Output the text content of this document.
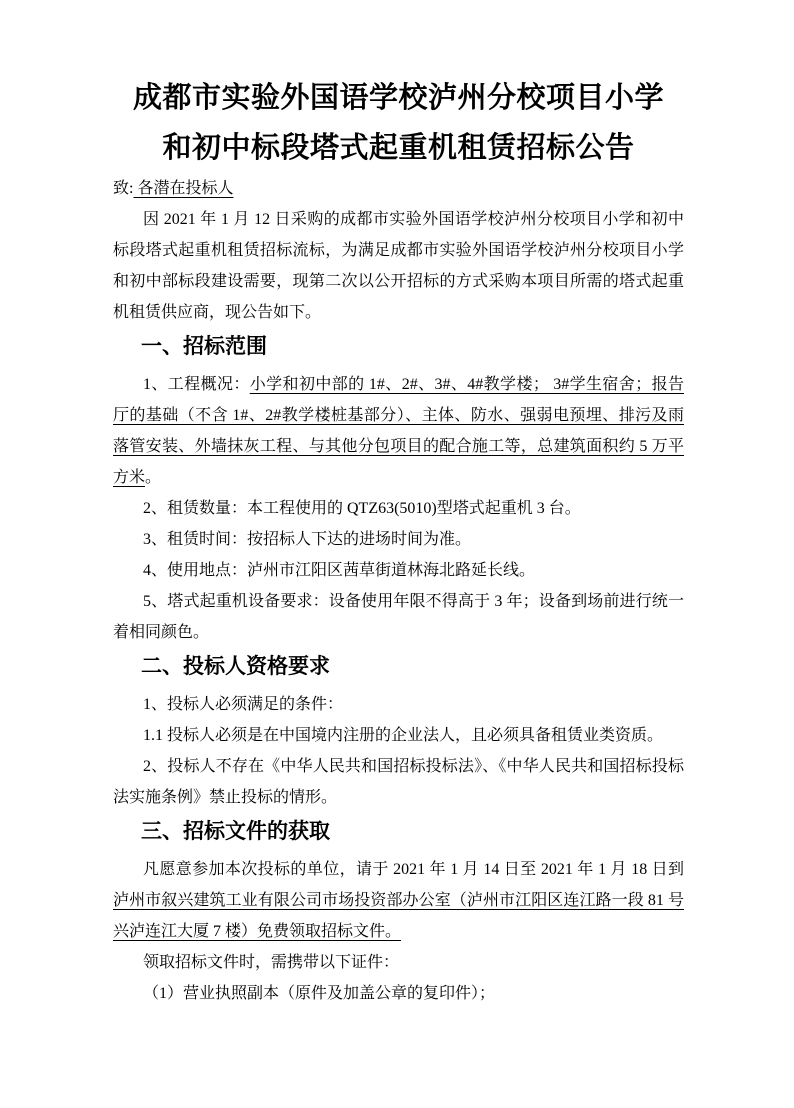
成都市实验外国语学校泸州分校项目小学
和初中标段塔式起重机租赁招标公告

致: 各潜在投标人

因 2021 年 1 月 12 日采购的成都市实验外国语学校泸州分校项目小学和初中标段塔式起重机租赁招标流标，为满足成都市实验外国语学校泸州分校项目小学和初中部标段建设需要，现第二次以公开招标的方式采购本项目所需的塔式起重机租赁供应商，现公告如下。

一、招标范围

1、工程概况：小学和初中部的 1#、2#、3#、4#教学楼； 3#学生宿舍；报告厅的基础（不含 1#、2#教学楼桩基部分）、主体、防水、强弱电预埋、排污及雨落管安装、外墙抹灰工程、与其他分包项目的配合施工等，总建筑面积约 5 万平方米。

2、租赁数量：本工程使用的 QTZ63(5010)型塔式起重机 3 台。

3、租赁时间：按招标人下达的进场时间为准。

4、使用地点：泸州市江阳区茜草街道林海北路延长线。

5、塔式起重机设备要求：设备使用年限不得高于 3 年；设备到场前进行统一着相同颜色。

二、投标人资格要求

1、投标人必须满足的条件：

1.1 投标人必须是在中国境内注册的企业法人，且必须具备租赁业类资质。

2、投标人不存在《中华人民共和国招标投标法》、《中华人民共和国招标投标法实施条例》禁止投标的情形。

三、招标文件的获取

凡愿意参加本次投标的单位，请于 2021 年 1 月 14 日至 2021 年 1 月 18 日到泸州市叙兴建筑工业有限公司市场投资部办公室（泸州市江阳区连江路一段 81 号兴泸连江大厦 7 楼）免费领取招标文件。

领取招标文件时，需携带以下证件：

（1）营业执照副本（原件及加盖公章的复印件）；
